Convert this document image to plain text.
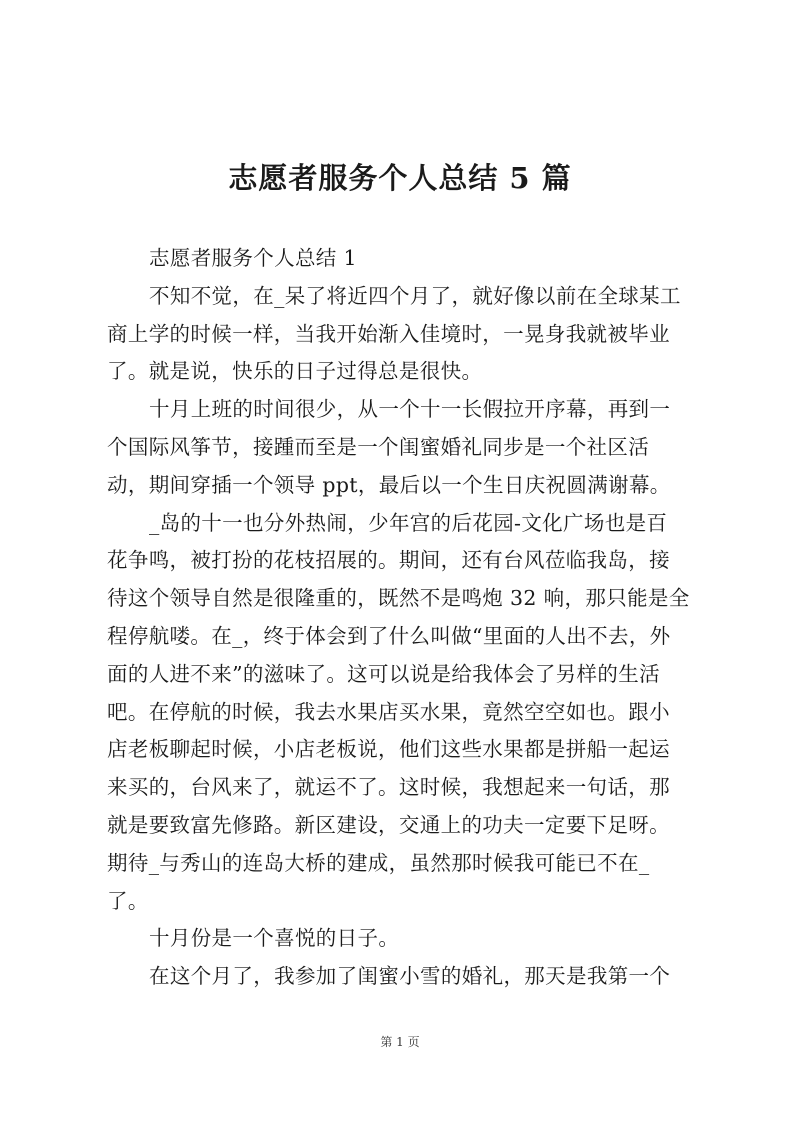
志愿者服务个人总结 5 篇
志愿者服务个人总结 1
不知不觉，在_呆了将近四个月了，就好像以前在全球某工
商上学的时候一样，当我开始渐入佳境时，一晃身我就被毕业
了。就是说，快乐的日子过得总是很快。
十月上班的时间很少，从一个十一长假拉开序幕，再到一
个国际风筝节，接踵而至是一个闺蜜婚礼同步是一个社区活
动，期间穿插一个领导 ppt，最后以一个生日庆祝圆满谢幕。
_岛的十一也分外热闹，少年宫的后花园-文化广场也是百
花争鸣，被打扮的花枝招展的。期间，还有台风莅临我岛，接
待这个领导自然是很隆重的，既然不是鸣炮 32 响，那只能是全
程停航喽。在_，终于体会到了什么叫做“里面的人出不去，外
面的人进不来”的滋味了。这可以说是给我体会了另样的生活
吧。在停航的时候，我去水果店买水果，竟然空空如也。跟小
店老板聊起时候，小店老板说，他们这些水果都是拼船一起运
来买的，台风来了，就运不了。这时候，我想起来一句话，那
就是要致富先修路。新区建设，交通上的功夫一定要下足呀。
期待_与秀山的连岛大桥的建成，虽然那时候我可能已不在_
了。
十月份是一个喜悦的日子。
在这个月了，我参加了闺蜜小雪的婚礼，那天是我第一个
第 1 页
